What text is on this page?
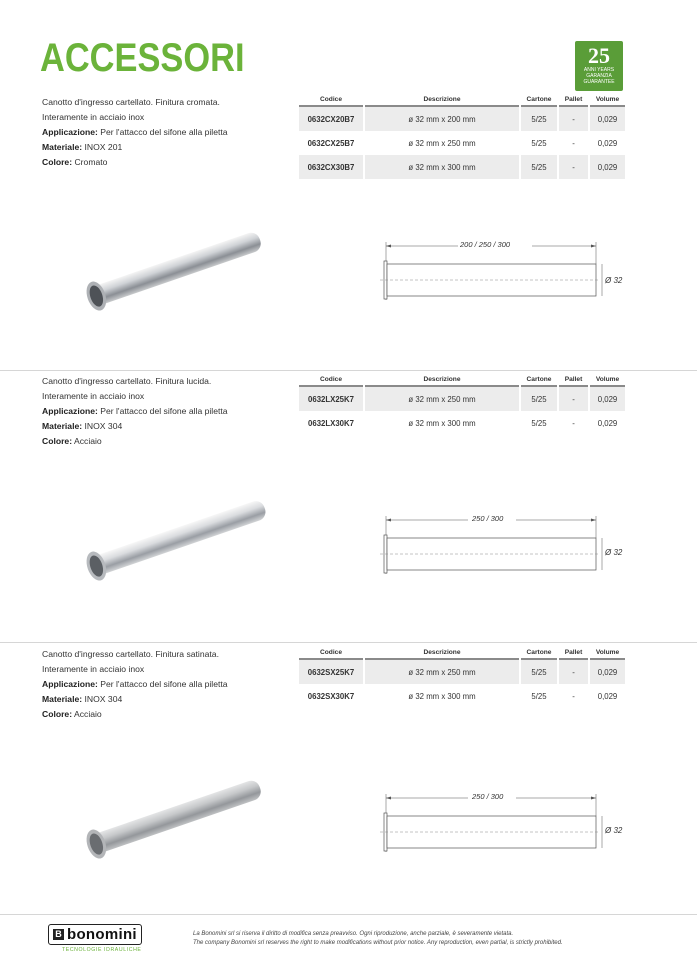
ACCESSORI	25
ANNI YEARS
GARANZIA
GUARANTEE
Canotto d'ingresso cartellato. Finitura cromata.
Interamente in acciaio inox
Applicazione: Per l'attacco del sifone alla piletta
Materiale: INOX 201
Colore: Cromato
Codice	Descrizione	Cartone	Pallet	Volume
0632CX20B7	ø 32 mm x 200 mm	5/25	-	0,029
0632CX25B7	ø 32 mm x 250 mm	5/25	-	0,029
0632CX30B7	ø 32 mm x 300 mm	5/25	-	0,029
200 / 250 / 300
Ø 32
Canotto d'ingresso cartellato. Finitura lucida.
Interamente in acciaio inox
Applicazione: Per l'attacco del sifone alla piletta
Materiale: INOX 304
Colore: Acciaio
Codice	Descrizione	Cartone	Pallet	Volume
0632LX25K7	ø 32 mm x 250 mm	5/25	-	0,029
0632LX30K7	ø 32 mm x 300 mm	5/25	-	0,029
250 / 300
Ø 32
Canotto d'ingresso cartellato. Finitura satinata.
Interamente in acciaio inox
Applicazione: Per l'attacco del sifone alla piletta
Materiale: INOX 304
Colore: Acciaio
Codice	Descrizione	Cartone	Pallet	Volume
0632SX25K7	ø 32 mm x 250 mm	5/25	-	0,029
0632SX30K7	ø 32 mm x 300 mm	5/25	-	0,029
250 / 300
Ø 32
B bonomini
TECNOLOGIE IDRAULICHE
La Bonomini srl si riserva il diritto di modifica senza preavviso. Ogni riproduzione, anche parziale, è severamente vietata.
The company Bonomini srl reserves the right to make modifications without prior notice. Any reproduction, even partial, is strictly prohibited.
